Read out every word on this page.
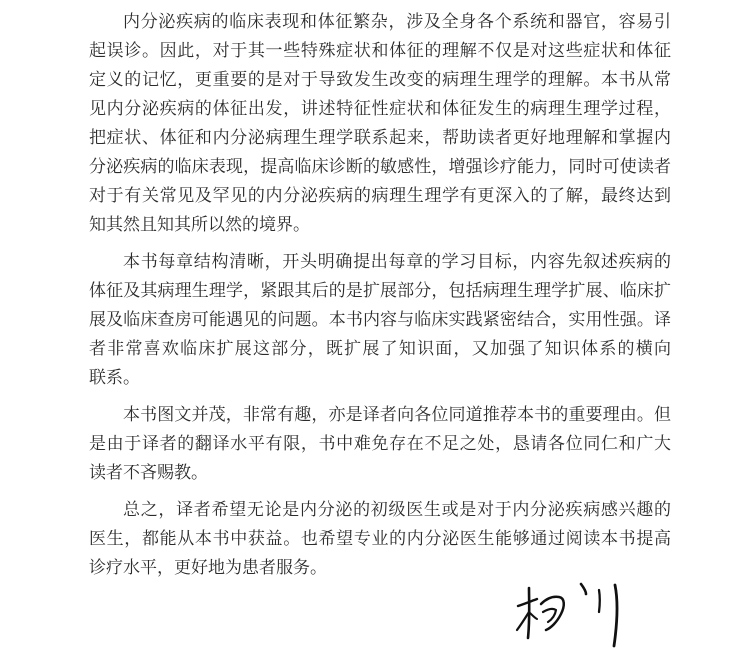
内分泌疾病的临床表现和体征繁杂，涉及全身各个系统和器官，容易引
起误诊。因此，对于其一些特殊症状和体征的理解不仅是对这些症状和体征
定义的记忆，更重要的是对于导致发生改变的病理生理学的理解。本书从常
见内分泌疾病的体征出发，讲述特征性症状和体征发生的病理生理学过程，
把症状、体征和内分泌病理生理学联系起来，帮助读者更好地理解和掌握内
分泌疾病的临床表现，提高临床诊断的敏感性，增强诊疗能力，同时可使读者
对于有关常见及罕见的内分泌疾病的病理生理学有更深入的了解，最终达到
知其然且知其所以然的境界。
本书每章结构清晰，开头明确提出每章的学习目标，内容先叙述疾病的
体征及其病理生理学，紧跟其后的是扩展部分，包括病理生理学扩展、临床扩
展及临床查房可能遇见的问题。本书内容与临床实践紧密结合，实用性强。译
者非常喜欢临床扩展这部分，既扩展了知识面，又加强了知识体系的横向
联系。
本书图文并茂，非常有趣，亦是译者向各位同道推荐本书的重要理由。但
是由于译者的翻译水平有限，书中难免存在不足之处，恳请各位同仁和广大
读者不吝赐教。
总之，译者希望无论是内分泌的初级医生或是对于内分泌疾病感兴趣的
医生，都能从本书中获益。也希望专业的内分泌医生能够通过阅读本书提高
诊疗水平，更好地为患者服务。
